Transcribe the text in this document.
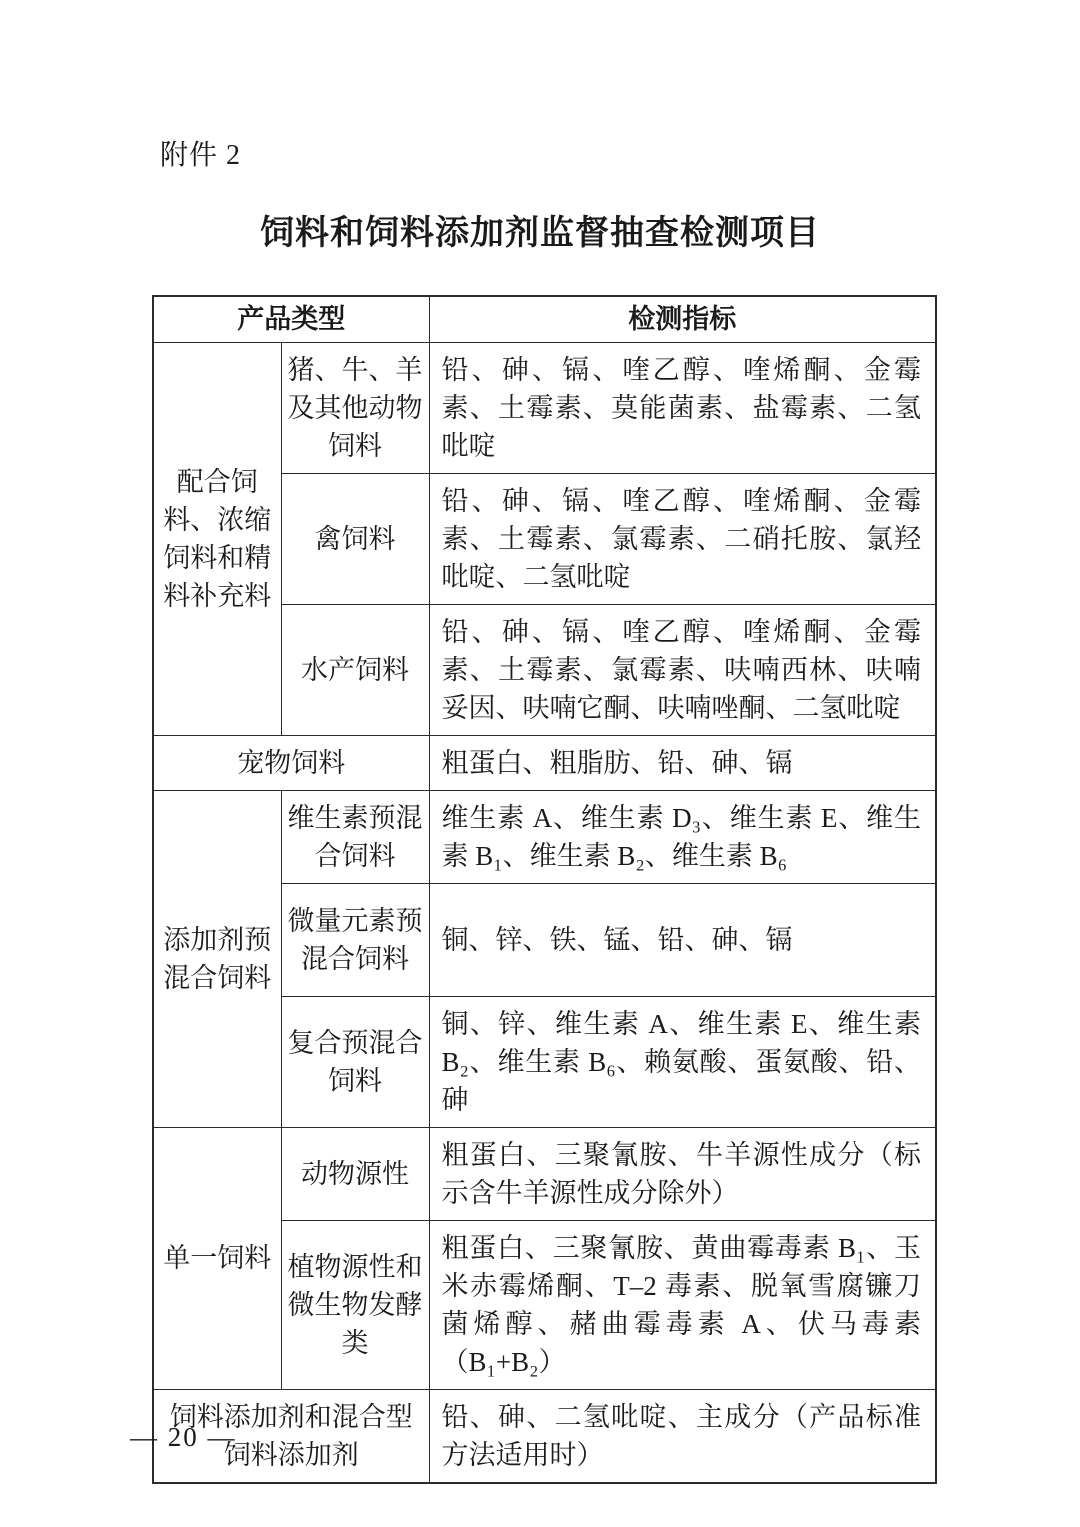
附件 2
饲料和饲料添加剂监督抽查检测项目
产品类型		检测指标
配合饲料、浓缩饲料和精料补充料	猪、牛、羊及其他动物饲料	铅、砷、镉、喹乙醇、喹烯酮、金霉素、土霉素、莫能菌素、盐霉素、二氢吡啶
	禽饲料	铅、砷、镉、喹乙醇、喹烯酮、金霉素、土霉素、氯霉素、二硝托胺、氯羟吡啶、二氢吡啶
	水产饲料	铅、砷、镉、喹乙醇、喹烯酮、金霉素、土霉素、氯霉素、呋喃西林、呋喃妥因、呋喃它酮、呋喃唑酮、二氢吡啶
宠物饲料		粗蛋白、粗脂肪、铅、砷、镉
添加剂预混合饲料	维生素预混合饲料	维生素 A、维生素 D₃、维生素 E、维生素 B₁、维生素 B₂、维生素 B₆
	微量元素预混合饲料	铜、锌、铁、锰、铅、砷、镉
	复合预混合饲料	铜、锌、维生素 A、维生素 E、维生素 B₂、维生素 B₆、赖氨酸、蛋氨酸、铅、砷
单一饲料	动物源性	粗蛋白、三聚氰胺、牛羊源性成分（标示含牛羊源性成分除外）
	植物源性和微生物发酵类	粗蛋白、三聚氰胺、黄曲霉毒素 B₁、玉米赤霉烯酮、T–2 毒素、脱氧雪腐镰刀菌烯醇、赭曲霉毒素 A、伏马毒素（B₁+B₂）
饲料添加剂和混合型饲料添加剂		铅、砷、二氢吡啶、主成分（产品标准方法适用时）
— 20 —
